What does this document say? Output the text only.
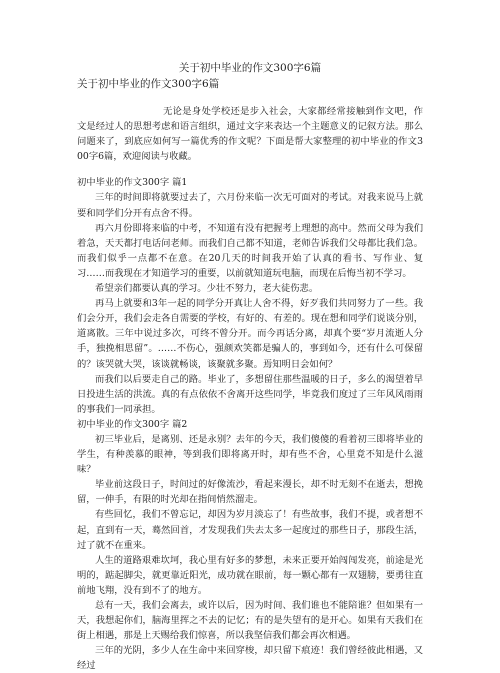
关于初中毕业的作文300字6篇
关于初中毕业的作文300字6篇

无论是身处学校还是步入社会，大家都经常接触到作文吧，作文是经过人的思想考虑和语言组织，通过文字来表达一个主题意义的记叙方法。那么问题来了，到底应如何写一篇优秀的作文呢？下面是帮大家整理的初中毕业的作文300字6篇，欢迎阅读与收藏。

初中毕业的作文300字 篇1

三年的时间即将就要过去了，六月份来临一次无可面对的考试。对我来说马上就要和同学们分开有点舍不得。

再六月份即将来临的中考，不知道有没有把握考上理想的高中。然而父母为我们着急，天天都打电话问老师。而我们自己都不知道，老师告诉我们父母都比我们急。而我们似乎一点都不在意。在20几天的时间我开始了认真的看书、写作业、复习……而我现在才知道学习的重要，以前就知道玩电脑，而现在后悔当初不学习。

希望亲们都要认真的学习。少壮不努力，老大徒伤悲。

再马上就要和3年一起的同学分开真让人舍不得，好歹我们共同努力了一些。我们会分开，我们会走各自需要的学校，有好的、有差的。现在想和同学们说谈分别，道离散。三年中说过多次，可终不曾分开。而今再话分离，却真个要“岁月流逝人分手，独挽相思留”。……不伤心，强颜欢笑都是骗人的，事到如今，还有什么可保留的？该哭就大哭，该谈就畅谈，该聚就多聚。焉知明日会如何？

而我们以后要走自己的路。毕业了，多想留住那些温暖的日子，多么的渴望着早日投进生活的洪流。真的有点依依不舍离开这些同学，毕竟我们度过了三年风风雨雨的事我们一同承担。

初中毕业的作文300字 篇2

初三毕业后，是离别、还是永别？去年的今天，我们傻傻的看着初三即将毕业的学生，有种羡慕的眼神，等到我们即将离开时，却有些不舍，心里竟不知是什么滋味？

毕业前这段日子，时间过的好像流沙，看起来漫长，却不时无刻不在逝去，想挽留，一伸手，有限的时光却在指间悄然溜走。

有些回忆，我们不曾忘记，却因为岁月淡忘了！有些故事，我们不提，或者想不起，直到有一天，蓦然回首，才发现我们失去太多一起度过的那些日子，那段生活，过了就不在重来。

人生的道路艰难坎坷，我心里有好多的梦想，未来正要开始闯闯发亮，前途是光明的，踮起脚尖，就更靠近阳光，成功就在眼前，每一颗心都有一双翅膀，要勇往直前地飞翔，没有到不了的地方。

总有一天，我们会离去，或许以后，因为时间、我们谁也不能陪谁？但如果有一天，我想起你们，脑海里挥之不去的记忆；有的是失望有的是开心。如果有天我们在街上相遇，那是上天赐给我们惊喜，所以我坚信我们都会再次相遇。

三年的光阴，多少人在生命中来回穿梭，却只留下痕迹！我们曾经彼此相遇，又经过
